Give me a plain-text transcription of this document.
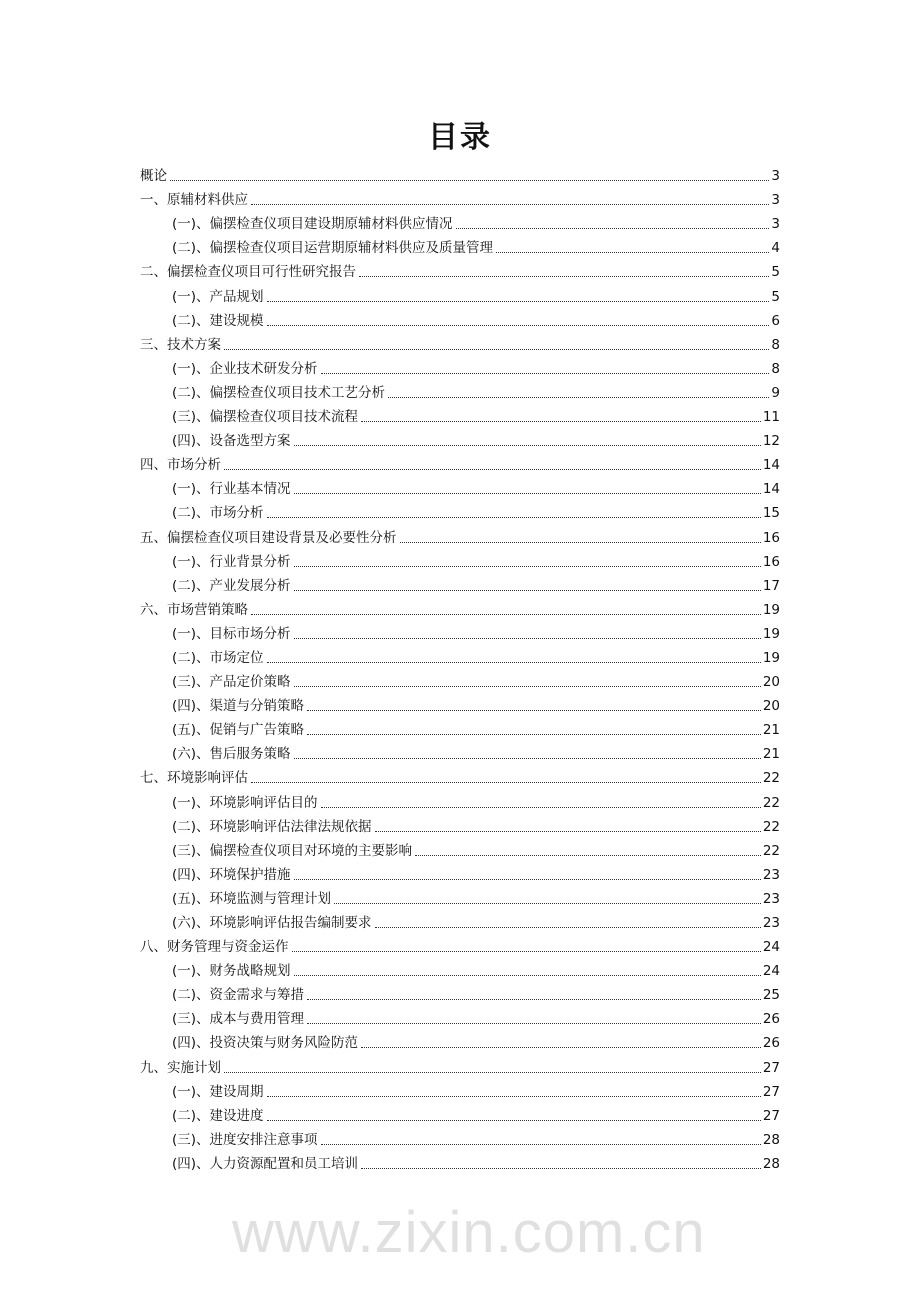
目录
概论	3
一、原辅材料供应	3
(一)、偏摆检查仪项目建设期原辅材料供应情况	3
(二)、偏摆检查仪项目运营期原辅材料供应及质量管理	4
二、偏摆检查仪项目可行性研究报告	5
(一)、产品规划	5
(二)、建设规模	6
三、技术方案	8
(一)、企业技术研发分析	8
(二)、偏摆检查仪项目技术工艺分析	9
(三)、偏摆检查仪项目技术流程	11
(四)、设备选型方案	12
四、市场分析	14
(一)、行业基本情况	14
(二)、市场分析	15
五、偏摆检查仪项目建设背景及必要性分析	16
(一)、行业背景分析	16
(二)、产业发展分析	17
六、市场营销策略	19
(一)、目标市场分析	19
(二)、市场定位	19
(三)、产品定价策略	20
(四)、渠道与分销策略	20
(五)、促销与广告策略	21
(六)、售后服务策略	21
七、环境影响评估	22
(一)、环境影响评估目的	22
(二)、环境影响评估法律法规依据	22
(三)、偏摆检查仪项目对环境的主要影响	22
(四)、环境保护措施	23
(五)、环境监测与管理计划	23
(六)、环境影响评估报告编制要求	23
八、财务管理与资金运作	24
(一)、财务战略规划	24
(二)、资金需求与筹措	25
(三)、成本与费用管理	26
(四)、投资决策与财务风险防范	26
九、实施计划	27
(一)、建设周期	27
(二)、建设进度	27
(三)、进度安排注意事项	28
(四)、人力资源配置和员工培训	28
www.zixin.com.cn
